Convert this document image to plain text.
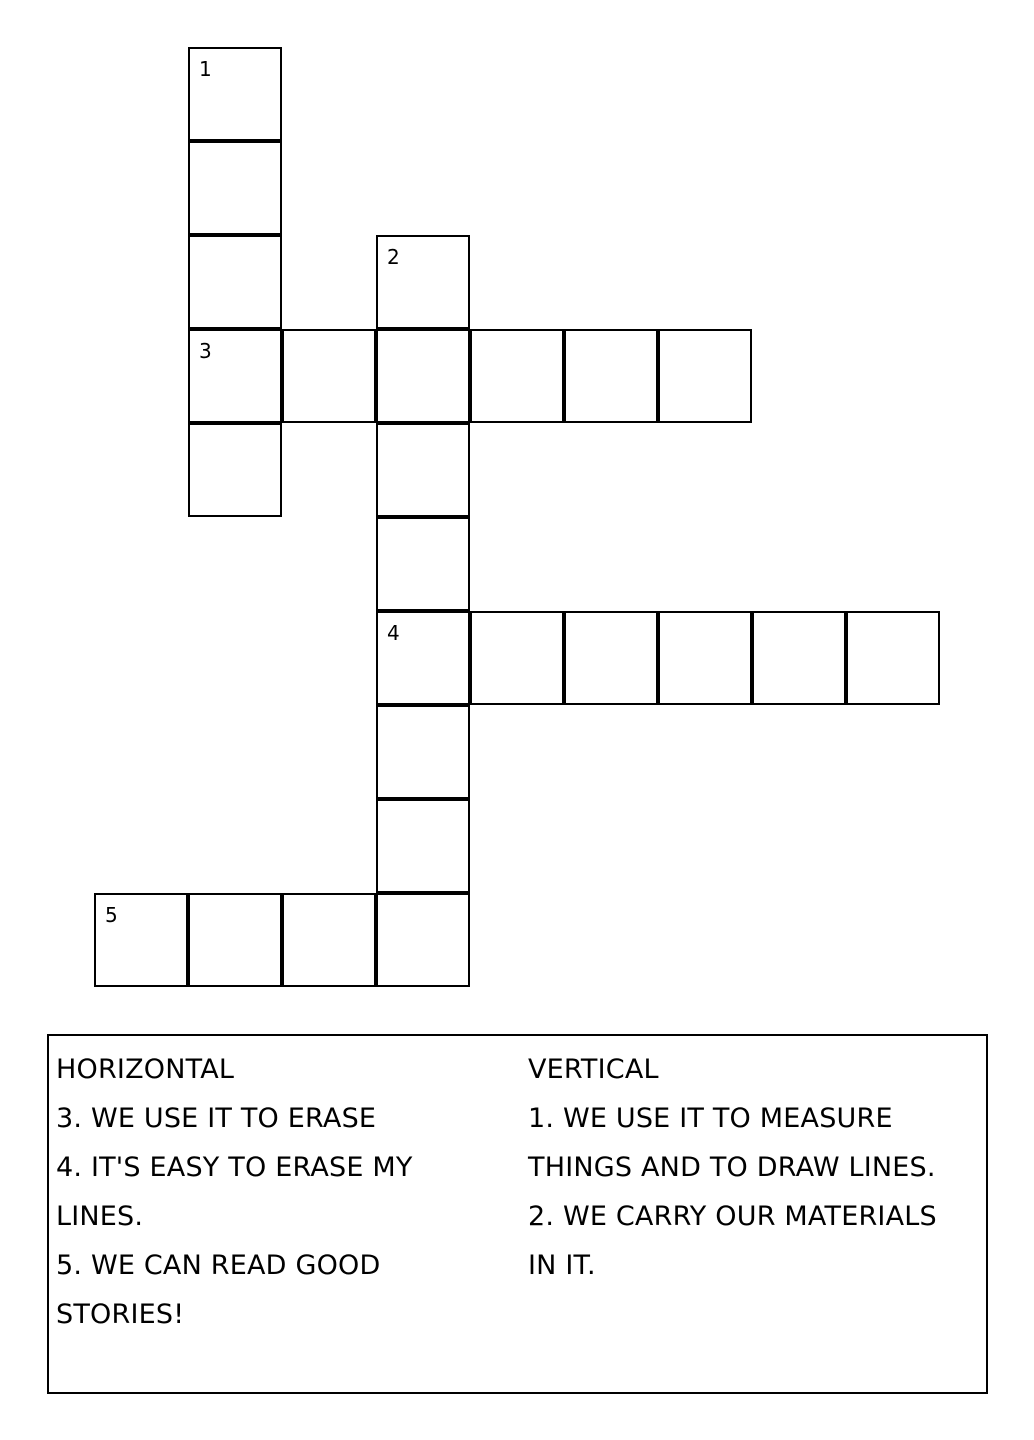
1
2
3
4
5
HORIZONTAL
3. WE USE IT TO ERASE
4. IT'S EASY TO ERASE MY
LINES.
5. WE CAN READ GOOD
STORIES!
VERTICAL
1. WE USE IT TO MEASURE
THINGS AND TO DRAW LINES.
2. WE CARRY OUR MATERIALS
IN IT.
